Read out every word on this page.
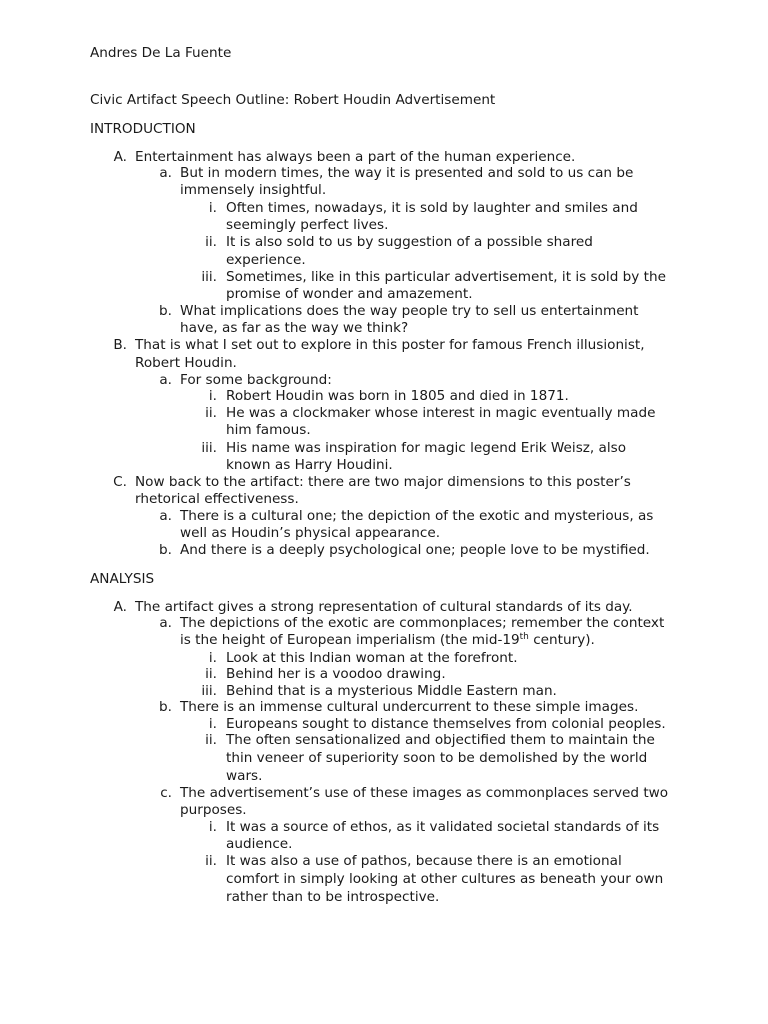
Andres De La Fuente
Civic Artifact Speech Outline: Robert Houdin Advertisement
INTRODUCTION
A. Entertainment has always been a part of the human experience.
a. But in modern times, the way it is presented and sold to us can be
immensely insightful.
i. Often times, nowadays, it is sold by laughter and smiles and
seemingly perfect lives.
ii. It is also sold to us by suggestion of a possible shared
experience.
iii. Sometimes, like in this particular advertisement, it is sold by the
promise of wonder and amazement.
b. What implications does the way people try to sell us entertainment
have, as far as the way we think?
B. That is what I set out to explore in this poster for famous French illusionist,
Robert Houdin.
a. For some background:
i. Robert Houdin was born in 1805 and died in 1871.
ii. He was a clockmaker whose interest in magic eventually made
him famous.
iii. His name was inspiration for magic legend Erik Weisz, also
known as Harry Houdini.
C. Now back to the artifact: there are two major dimensions to this poster’s
rhetorical effectiveness.
a. There is a cultural one; the depiction of the exotic and mysterious, as
well as Houdin’s physical appearance.
b. And there is a deeply psychological one; people love to be mystified.
ANALYSIS
A. The artifact gives a strong representation of cultural standards of its day.
a. The depictions of the exotic are commonplaces; remember the context
is the height of European imperialism (the mid-19th century).
i. Look at this Indian woman at the forefront.
ii. Behind her is a voodoo drawing.
iii. Behind that is a mysterious Middle Eastern man.
b. There is an immense cultural undercurrent to these simple images.
i. Europeans sought to distance themselves from colonial peoples.
ii. The often sensationalized and objectified them to maintain the
thin veneer of superiority soon to be demolished by the world
wars.
c. The advertisement’s use of these images as commonplaces served two
purposes.
i. It was a source of ethos, as it validated societal standards of its
audience.
ii. It was also a use of pathos, because there is an emotional
comfort in simply looking at other cultures as beneath your own
rather than to be introspective.
